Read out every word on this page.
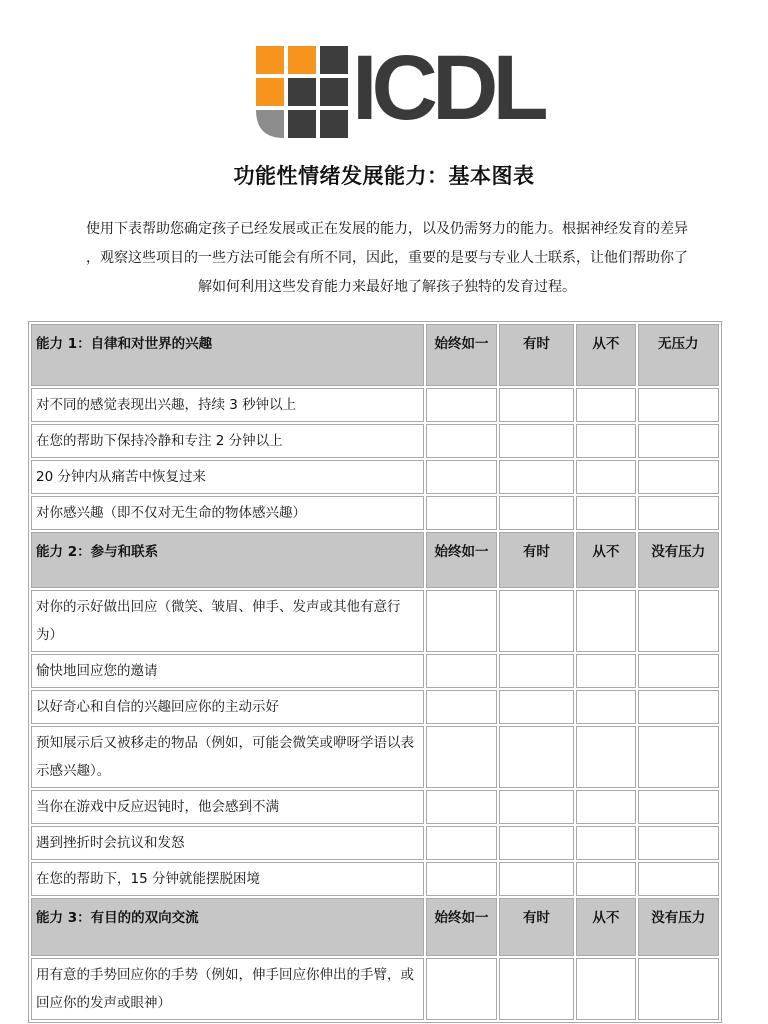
ICDL
功能性情绪发展能力：基本图表
使用下表帮助您确定孩子已经发展或正在发展的能力，以及仍需努力的能力。根据神经发育的差异
，观察这些项目的一些方法可能会有所不同，因此，重要的是要与专业人士联系，让他们帮助你了
解如何利用这些发育能力来最好地了解孩子独特的发育过程。
能力 1：自律和对世界的兴趣	始终如一	有时	从不	无压力
对不同的感觉表现出兴趣，持续 3 秒钟以上				
在您的帮助下保持冷静和专注 2 分钟以上				
20 分钟内从痛苦中恢复过来				
对你感兴趣（即不仅对无生命的物体感兴趣）				
能力 2：参与和联系	始终如一	有时	从不	没有压力
对你的示好做出回应（微笑、皱眉、伸手、发声或其他有意行为）				
愉快地回应您的邀请				
以好奇心和自信的兴趣回应你的主动示好				
预知展示后又被移走的物品（例如，可能会微笑或咿呀学语以表示感兴趣）。				
当你在游戏中反应迟钝时，他会感到不满				
遇到挫折时会抗议和发怒				
在您的帮助下，15 分钟就能摆脱困境				
能力 3：有目的的双向交流	始终如一	有时	从不	没有压力
用有意的手势回应你的手势（例如，伸手回应你伸出的手臂，或回应你的发声或眼神）				
